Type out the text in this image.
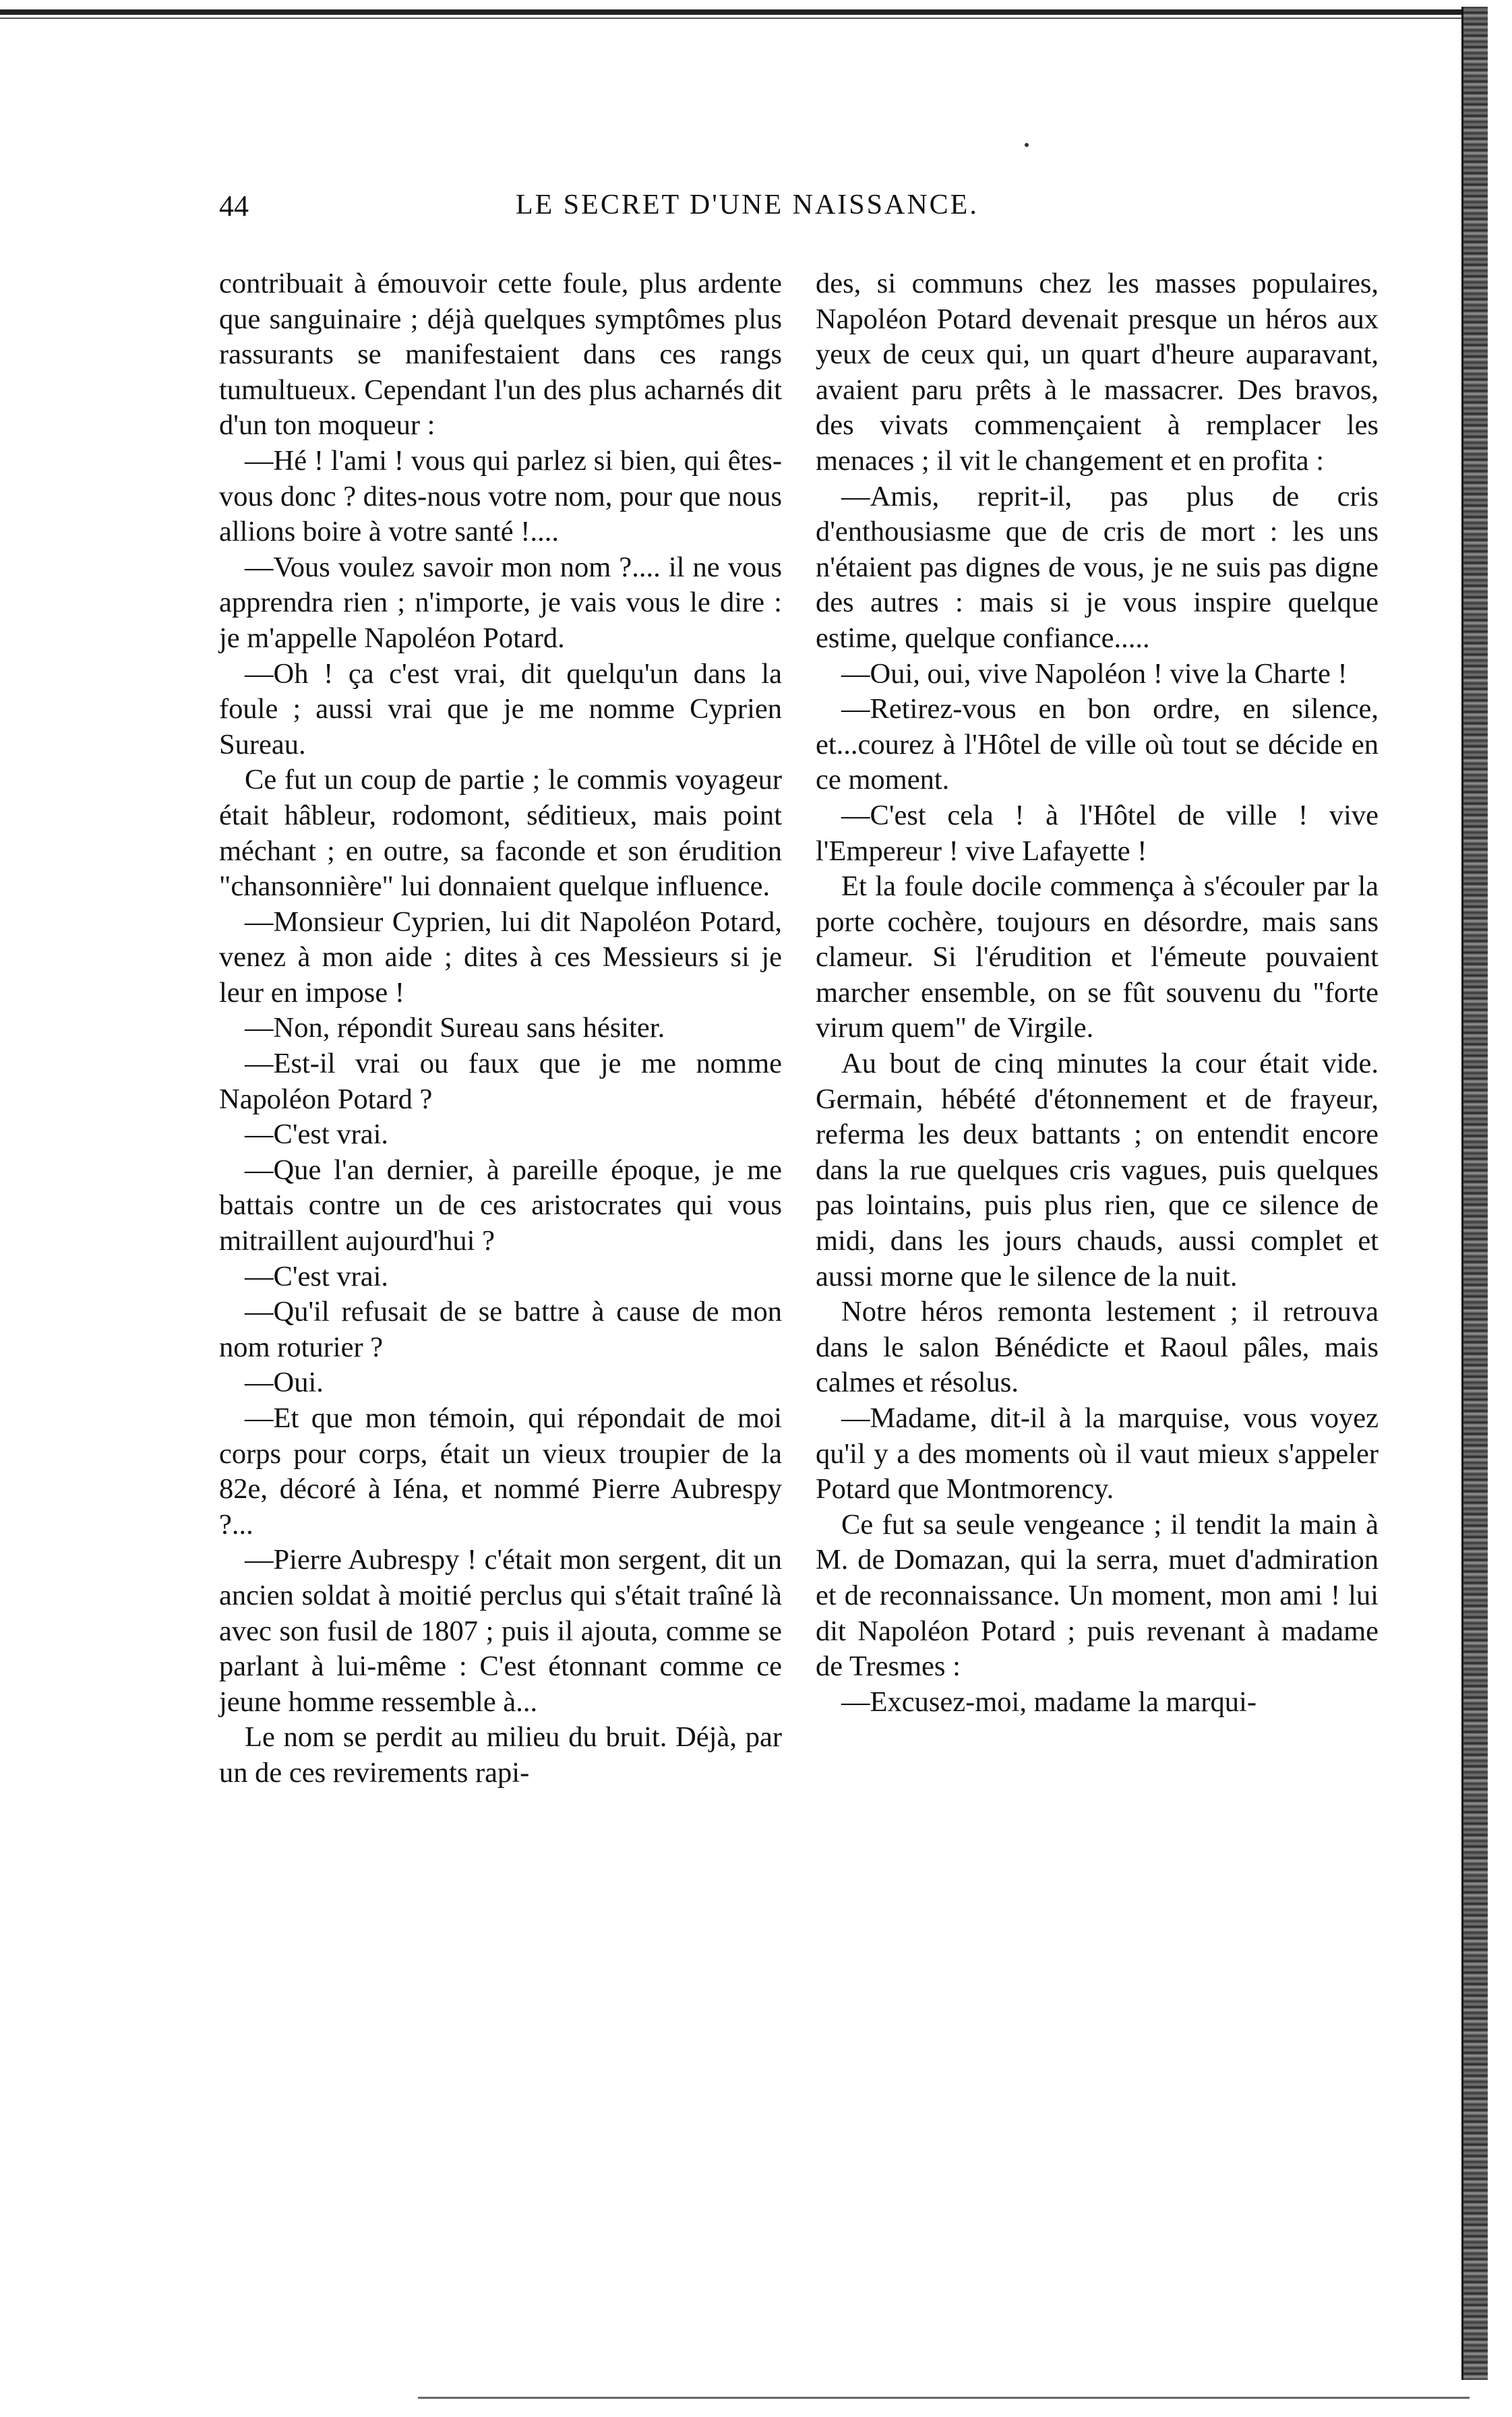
44	LE SECRET D'UNE NAISSANCE.

contribuait à émouvoir cette foule, plus ardente que sanguinaire ; déjà quelques symptômes plus rassurants se manifestaient dans ces rangs tumultueux. Cependant l'un des plus acharnés dit d'un ton moqueur :

—Hé ! l'ami ! vous qui parlez si bien, qui êtes-vous donc ? dites-nous votre nom, pour que nous allions boire à votre santé !....

—Vous voulez savoir mon nom ?.... il ne vous apprendra rien ; n'importe, je vais vous le dire : je m'appelle Napoléon Potard.

—Oh ! ça c'est vrai, dit quelqu'un dans la foule ; aussi vrai que je me nomme Cyprien Sureau.

Ce fut un coup de partie ; le commis voyageur était hâbleur, rodomont, séditieux, mais point méchant ; en outre, sa faconde et son érudition "chansonnière" lui donnaient quelque influence.

—Monsieur Cyprien, lui dit Napoléon Potard, venez à mon aide ; dites à ces Messieurs si je leur en impose !

—Non, répondit Sureau sans hésiter.

—Est-il vrai ou faux que je me nomme Napoléon Potard ?

—C'est vrai.

—Que l'an dernier, à pareille époque, je me battais contre un de ces aristocrates qui vous mitraillent aujourd'hui ?

—C'est vrai.

—Qu'il refusait de se battre à cause de mon nom roturier ?

—Oui.

—Et que mon témoin, qui répondait de moi corps pour corps, était un vieux troupier de la 82e, décoré à Iéna, et nommé Pierre Aubrespy ?...

—Pierre Aubrespy ! c'était mon sergent, dit un ancien soldat à moitié perclus qui s'était traîné là avec son fusil de 1807 ; puis il ajouta, comme se parlant à lui-même : C'est étonnant comme ce jeune homme ressemble à...

Le nom se perdit au milieu du bruit. Déjà, par un de ces revirements rapi-

des, si communs chez les masses populaires, Napoléon Potard devenait presque un héros aux yeux de ceux qui, un quart d'heure auparavant, avaient paru prêts à le massacrer. Des bravos, des vivats commençaient à remplacer les menaces ; il vit le changement et en profita :

—Amis, reprit-il, pas plus de cris d'enthousiasme que de cris de mort : les uns n'étaient pas dignes de vous, je ne suis pas digne des autres : mais si je vous inspire quelque estime, quelque confiance.....

—Oui, oui, vive Napoléon ! vive la Charte !

—Retirez-vous en bon ordre, en silence, et...courez à l'Hôtel de ville où tout se décide en ce moment.

—C'est cela ! à l'Hôtel de ville ! vive l'Empereur ! vive Lafayette !

Et la foule docile commença à s'écouler par la porte cochère, toujours en désordre, mais sans clameur. Si l'érudition et l'émeute pouvaient marcher ensemble, on se fût souvenu du "forte virum quem" de Virgile.

Au bout de cinq minutes la cour était vide. Germain, hébété d'étonnement et de frayeur, referma les deux battants ; on entendit encore dans la rue quelques cris vagues, puis quelques pas lointains, puis plus rien, que ce silence de midi, dans les jours chauds, aussi complet et aussi morne que le silence de la nuit.

Notre héros remonta lestement ; il retrouva dans le salon Bénédicte et Raoul pâles, mais calmes et résolus.

—Madame, dit-il à la marquise, vous voyez qu'il y a des moments où il vaut mieux s'appeler Potard que Montmorency.

Ce fut sa seule vengeance ; il tendit la main à M. de Domazan, qui la serra, muet d'admiration et de reconnaissance. Un moment, mon ami ! lui dit Napoléon Potard ; puis revenant à madame de Tresmes :

—Excusez-moi, madame la marqui-
